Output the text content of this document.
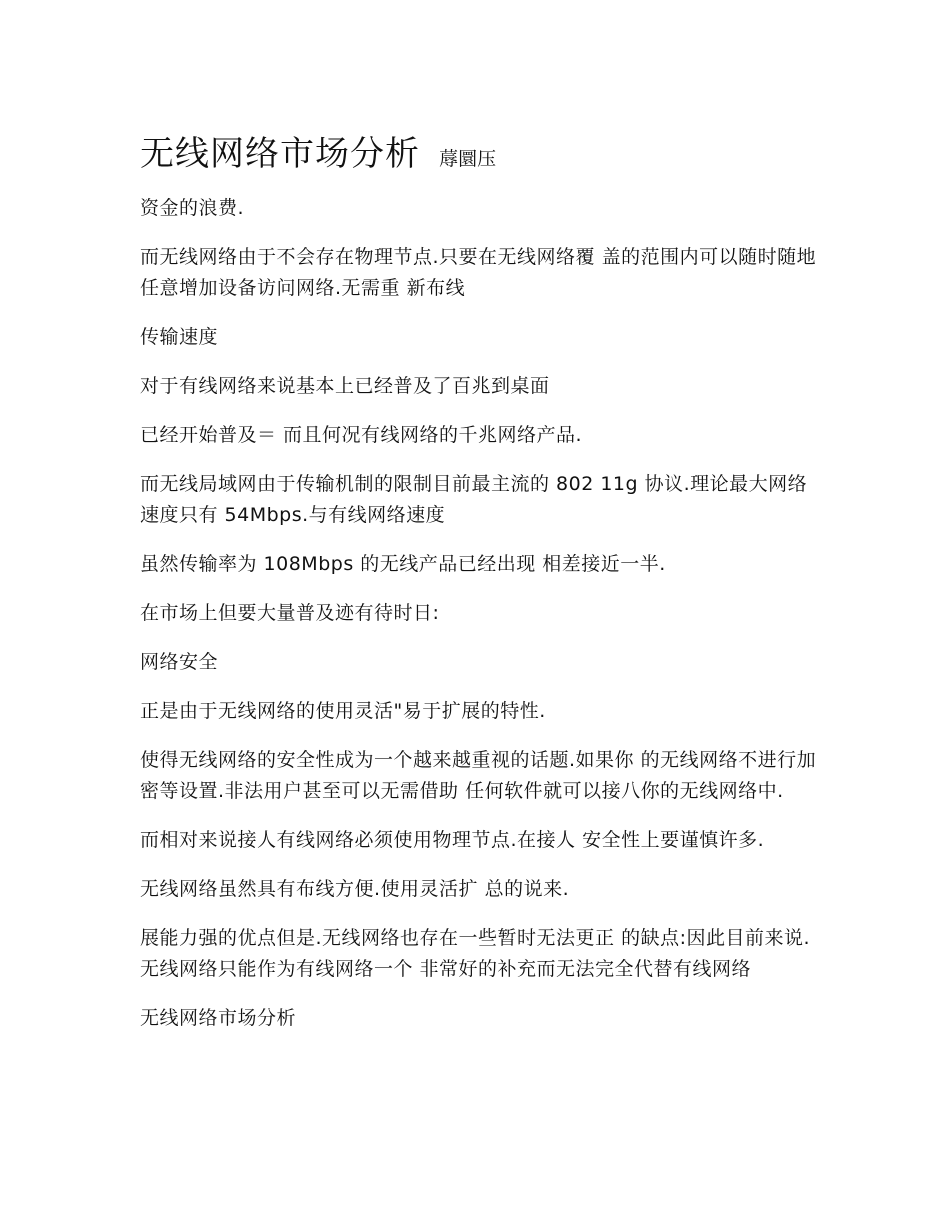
无线网络市场分析 蓐圜压

资金的浪费.

而无线网络由于不会存在物理节点.只要在无线网络覆 盖的范围内可以随时随地任意增加设备访问网络.无需重 新布线

传输速度

对于有线网络来说基本上已经普及了百兆到桌面

已经开始普及＝ 而且何况有线网络的千兆网络产品.

而无线局域网由于传输机制的限制目前最主流的 802 11g 协议.理论最大网络速度只有 54Mbps.与有线网络速度

虽然传输率为 108Mbps 的无线产品已经出现 相差接近一半.

在市场上但要大量普及迹有待时日:

网络安全

正是由于无线网络的使用灵活"易于扩展的特性.

使得无线网络的安全性成为一个越来越重视的话题.如果你 的无线网络不进行加密等设置.非法用户甚至可以无需借助 任何软件就可以接八你的无线网络中.

而相对来说接人有线网络必须使用物理节点.在接人 安全性上要谨慎许多.

无线网络虽然具有布线方便.使用灵活扩 总的说来.

展能力强的优点但是.无线网络也存在一些暂时无法更正 的缺点:因此目前来说.无线网络只能作为有线网络一个 非常好的补充而无法完全代替有线网络

无线网络市场分析
